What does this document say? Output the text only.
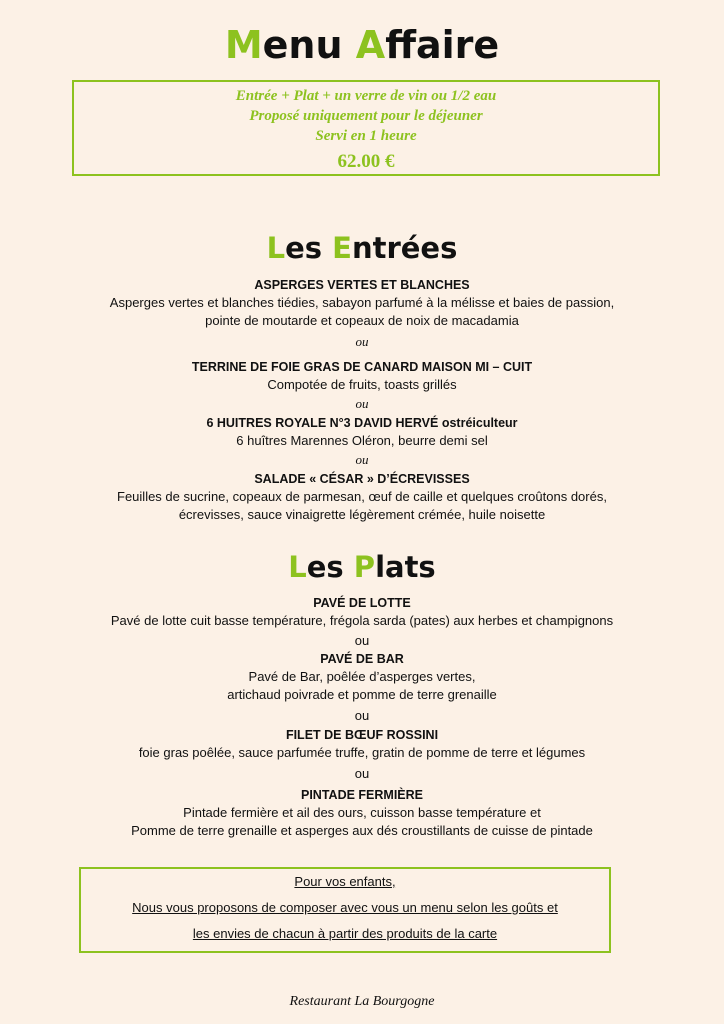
Menu Affaire
Entrée + Plat + un verre de vin ou 1/2 eau
Proposé uniquement pour le déjeuner
Servi en 1 heure
62.00 €
Les Entrées
ASPERGES VERTES ET BLANCHES
Asperges vertes et blanches tiédies, sabayon parfumé à la mélisse et baies de passion,
pointe de moutarde et copeaux de noix de macadamia
ou
TERRINE DE FOIE GRAS DE CANARD MAISON MI – CUIT
Compotée de fruits, toasts grillés
ou
6 HUITRES ROYALE N°3 DAVID HERVÉ ostréiculteur
6 huîtres Marennes Oléron, beurre demi sel
ou
SALADE « CÉSAR » D’ÉCREVISSES
Feuilles de sucrine, copeaux de parmesan, œuf de caille et quelques croûtons dorés,
écrevisses, sauce vinaigrette légèrement crémée, huile noisette
Les Plats
PAVÉ DE LOTTE
Pavé de lotte cuit basse température, frégola sarda (pates) aux herbes et champignons
ou
PAVÉ DE BAR
Pavé de Bar, poêlée d’asperges vertes,
artichaud poivrade et pomme de terre grenaille
ou
FILET DE BŒUF ROSSINI
foie gras poêlée, sauce parfumée truffe, gratin de pomme de terre et légumes
ou
PINTADE FERMIÈRE
Pintade fermière et ail des ours, cuisson basse température et
Pomme de terre grenaille et asperges aux dés croustillants de cuisse de pintade
Pour vos enfants,
Nous vous proposons de composer avec vous un menu selon les goûts et
les envies de chacun à partir des produits de la carte
Restaurant La Bourgogne
